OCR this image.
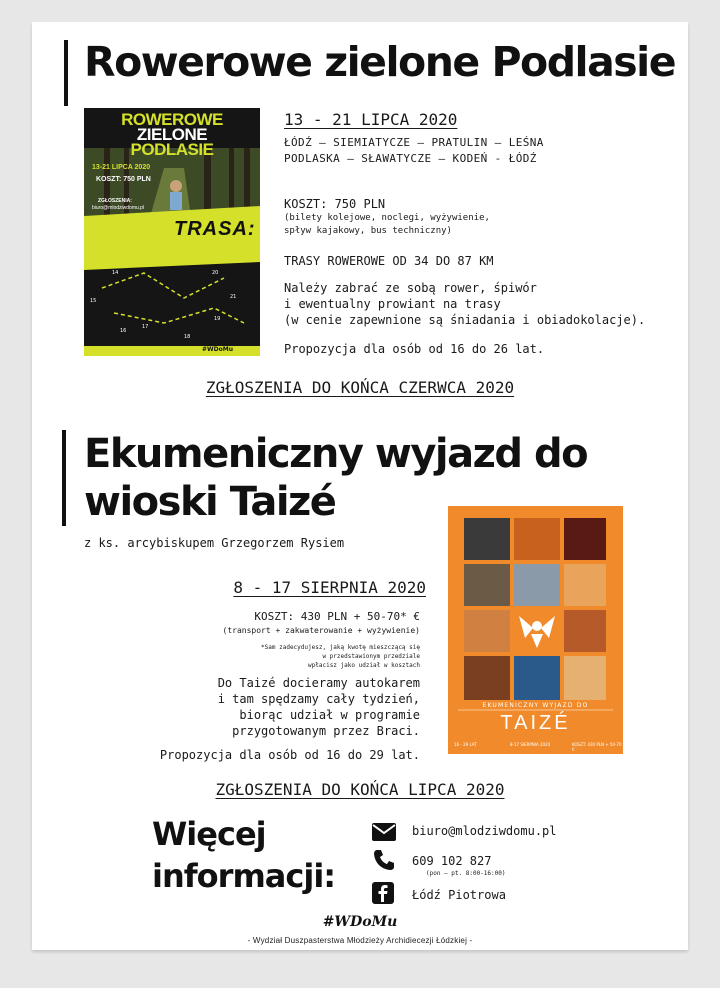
Rowerowe zielone Podlasie
ROWEROWE
ZIELONE
PODLASIE
13-21 LIPCA 2020
KOSZT: 750 PLN
ZGŁOSZENIA:
biuro@mlodziwdomu.pl
TRASA:
14	20
15
21
16
19
17
18
#WDoMu
13 - 21 LIPCA 2020
ŁÓDŹ – SIEMIATYCZE – PRATULIN – LEŚNA
PODLASKA – SŁAWATYCZE – KODEŃ - ŁÓDŹ
KOSZT: 750 PLN
(bilety kolejowe, noclegi, wyżywienie,
spływ kajakowy, bus techniczny)
TRASY ROWEROWE OD 34 DO 87 KM
Należy zabrać ze sobą rower, śpiwór
i ewentualny prowiant na trasy
(w cenie zapewnione są śniadania i obiadokolacje).
Propozycja dla osób od 16 do 26 lat.
ZGŁOSZENIA DO KOŃCA CZERWCA 2020
Ekumeniczny wyjazd do
wioski Taizé
z ks. arcybiskupem Grzegorzem Rysiem
EKUMENICZNY WYJAZD DO
TAIZÉ
16 - 29 LAT	8-17 SIERPNIA 2020	KOSZT: 430 PLN + 50-70 €
8 - 17 SIERPNIA 2020
KOSZT: 430 PLN + 50-70* €
(transport + zakwaterowanie + wyżywienie)
*Sam zadecydujesz, jaką kwotę mieszczącą się
w przedstawionym przedziale
wpłacisz jako udział w kosztach
Do Taizé docieramy autokarem
i tam spędzamy cały tydzień,
biorąc udział w programie
przygotowanym przez Braci.
Propozycja dla osób od 16 do 29 lat.
ZGŁOSZENIA DO KOŃCA LIPCA 2020
Więcej
informacji:
biuro@mlodziwdomu.pl
609 102 827
(pon – pt. 8:00-16:00)
Łódź Piotrowa
#WDoMu
- Wydział Duszpasterstwa Młodzieży Archidiecezji Łódzkiej -
